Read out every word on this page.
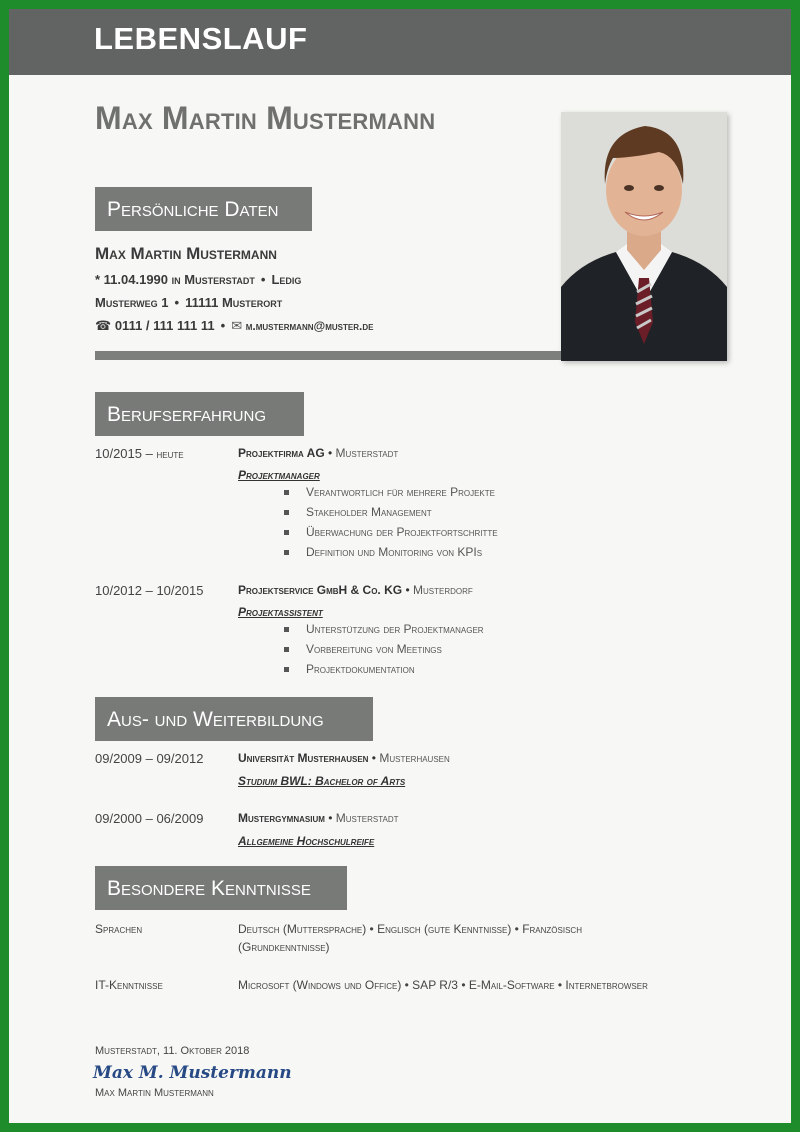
LEBENSLAUF
Max Martin Mustermann
Persönliche Daten
Max Martin Mustermann
* 11.04.1990 in Musterstadt • Ledig
Musterweg 1 • 11111 Musterort
☎ 0111 / 111 111 11 • ✉ m.mustermann@muster.de
Berufserfahrung
10/2015 – heute	Projektfirma AG • Musterstadt
Projektmanager
Verantwortlich für mehrere Projekte
Stakeholder Management
Überwachung der Projektfortschritte
Definition und Monitoring von KPIs
10/2012 – 10/2015	Projektservice GmbH & Co. KG • Musterdorf
Projektassistent
Unterstützung der Projektmanager
Vorbereitung von Meetings
Projektdokumentation
Aus- und Weiterbildung
09/2009 – 09/2012	Universität Musterhausen • Musterhausen
Studium BWL: Bachelor of Arts
09/2000 – 06/2009	Mustergymnasium • Musterstadt
Allgemeine Hochschulreife
Besondere Kenntnisse
Sprachen	Deutsch (Muttersprache) • Englisch (gute Kenntnisse) • Französisch (Grundkenntnisse)
IT-Kenntnisse	Microsoft (Windows und Office) • SAP R/3 • E-Mail-Software • Internetbrowser
Musterstadt, 11. Oktober 2018
Max M. Mustermann
Max Martin Mustermann
